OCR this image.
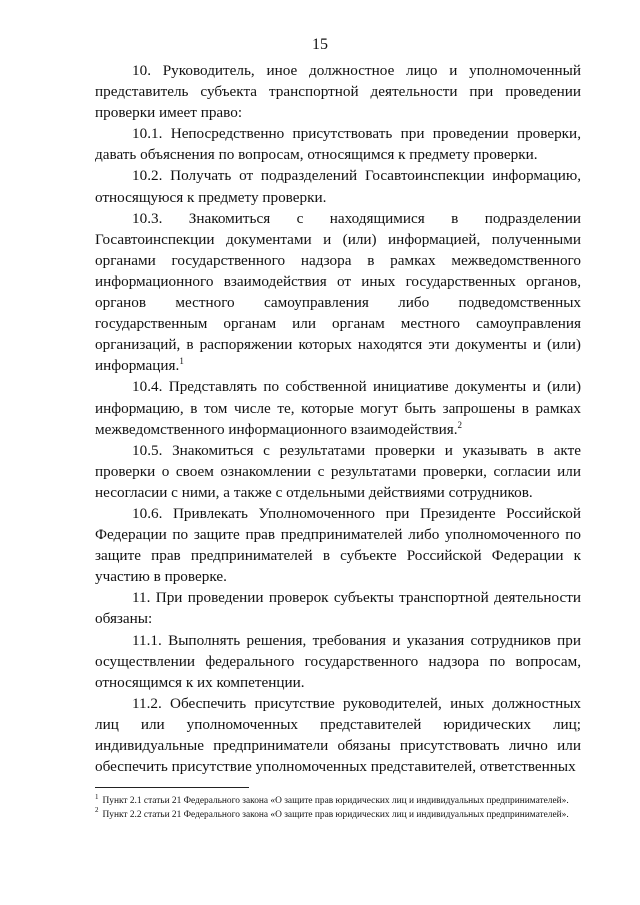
15

10. Руководитель, иное должностное лицо и уполномоченный представитель субъекта транспортной деятельности при проведении проверки имеет право:

10.1. Непосредственно присутствовать при проведении проверки, давать объяснения по вопросам, относящимся к предмету проверки.

10.2. Получать от подразделений Госавтоинспекции информацию, относящуюся к предмету проверки.

10.3. Знакомиться с находящимися в подразделении Госавтоинспекции документами и (или) информацией, полученными органами государственного надзора в рамках межведомственного информационного взаимодействия от иных государственных органов, органов местного самоуправления либо подведомственных государственным органам или органам местного самоуправления организаций, в распоряжении которых находятся эти документы и (или) информация.$^1$

10.4. Представлять по собственной инициативе документы и (или) информацию, в том числе те, которые могут быть запрошены в рамках межведомственного информационного взаимодействия.$^2$

10.5. Знакомиться с результатами проверки и указывать в акте проверки о своем ознакомлении с результатами проверки, согласии или несогласии с ними, а также с отдельными действиями сотрудников.

10.6. Привлекать Уполномоченного при Президенте Российской Федерации по защите прав предпринимателей либо уполномоченного по защите прав предпринимателей в субъекте Российской Федерации к участию в проверке.

11. При проведении проверок субъекты транспортной деятельности обязаны:

11.1. Выполнять решения, требования и указания сотрудников при осуществлении федерального государственного надзора по вопросам, относящимся к их компетенции.

11.2. Обеспечить присутствие руководителей, иных должностных лиц или уполномоченных представителей юридических лиц; индивидуальные предприниматели обязаны присутствовать лично или обеспечить присутствие уполномоченных представителей, ответственных

$^1$ Пункт 2.1 статьи 21 Федерального закона «О защите прав юридических лиц и индивидуальных предпринимателей».

$^2$ Пункт 2.2 статьи 21 Федерального закона «О защите прав юридических лиц и индивидуальных предпринимателей».
